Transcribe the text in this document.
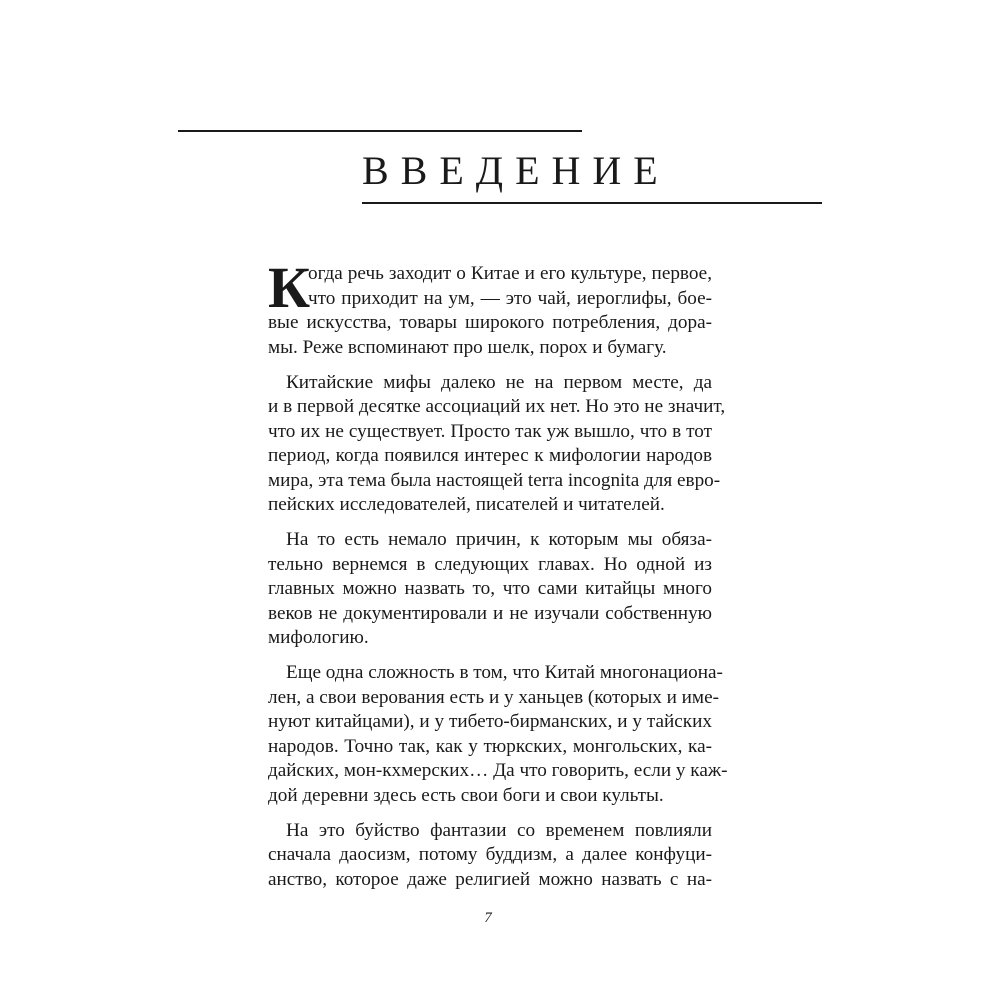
ВВЕДЕНИЕ
К
огда речь заходит о Китае и его культуре, первое,
что приходит на ум, — это чай, иероглифы, бое-
вые искусства, товары широкого потребления, дора-
мы. Реже вспоминают про шелк, порох и бумагу.
Китайские мифы далеко не на первом месте, да
и в первой десятке ассоциаций их нет. Но это не значит,
что их не существует. Просто так уж вышло, что в тот
период, когда появился интерес к мифологии народов
мира, эта тема была настоящей terra incognita для евро-
пейских исследователей, писателей и читателей.
На то есть немало причин, к которым мы обяза-
тельно вернемся в следующих главах. Но одной из
главных можно назвать то, что сами китайцы много
веков не документировали и не изучали собственную
мифологию.
Еще одна сложность в том, что Китай многонационa-
лен, а свои верования есть и у ханьцев (которых и име-
нуют китайцами), и у тибето-бирманских, и у тайских
народов. Точно так, как у тюркских, монгольских, ка-
дайских, мон-кхмерских… Да что говорить, если у каж-
дой деревни здесь есть свои боги и свои культы.
На это буйство фантазии со временем повлияли
сначала даосизм, потому буддизм, а далее конфуци-
анство, которое даже религией можно назвать с на-
7
